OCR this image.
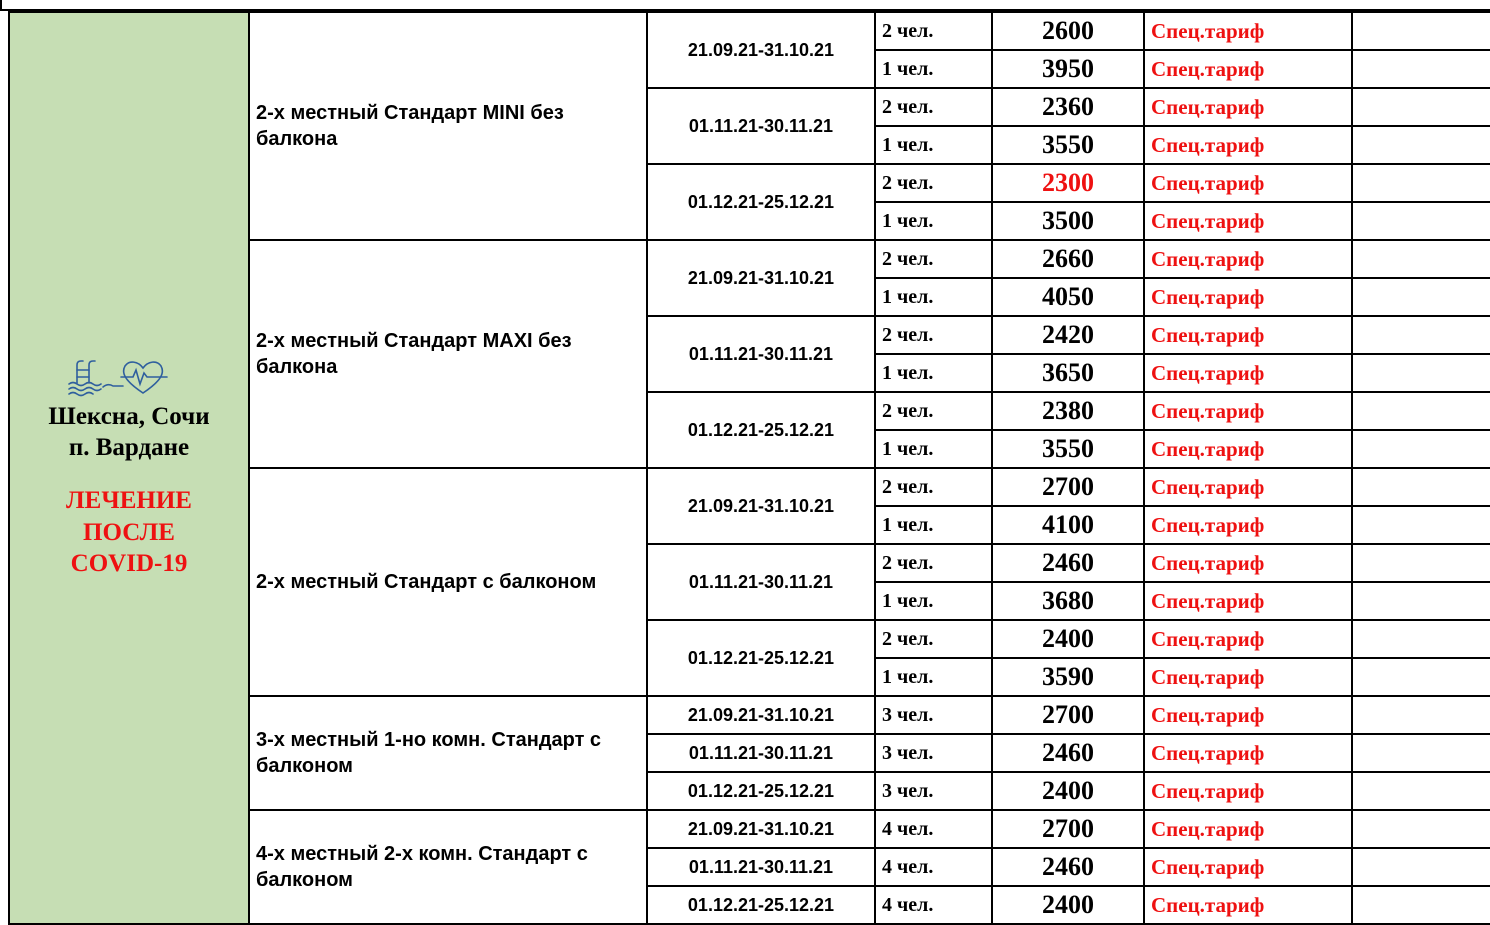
Шексна, Сочи
п. Вардане
ЛЕЧЕНИЕ
ПОСЛЕ
COVID-19	2-х местный Стандарт MINI без балкона	21.09.21-31.10.21	2 чел.	2600	Спец.тариф	
			1 чел.	3950	Спец.тариф	
		01.11.21-30.11.21	2 чел.	2360	Спец.тариф	
			1 чел.	3550	Спец.тариф	
		01.12.21-25.12.21	2 чел.	2300	Спец.тариф	
			1 чел.	3500	Спец.тариф	
	2-х местный Стандарт MAXI без балкона	21.09.21-31.10.21	2 чел.	2660	Спец.тариф	
			1 чел.	4050	Спец.тариф	
		01.11.21-30.11.21	2 чел.	2420	Спец.тариф	
			1 чел.	3650	Спец.тариф	
		01.12.21-25.12.21	2 чел.	2380	Спец.тариф	
			1 чел.	3550	Спец.тариф	
	2-х местный Стандарт с балконом	21.09.21-31.10.21	2 чел.	2700	Спец.тариф	
			1 чел.	4100	Спец.тариф	
		01.11.21-30.11.21	2 чел.	2460	Спец.тариф	
			1 чел.	3680	Спец.тариф	
		01.12.21-25.12.21	2 чел.	2400	Спец.тариф	
			1 чел.	3590	Спец.тариф	
	3-х местный 1-но комн. Стандарт с балконом	21.09.21-31.10.21	3 чел.	2700	Спец.тариф	
		01.11.21-30.11.21	3 чел.	2460	Спец.тариф	
		01.12.21-25.12.21	3 чел.	2400	Спец.тариф	
	4-х местный 2-х комн. Стандарт с балконом	21.09.21-31.10.21	4 чел.	2700	Спец.тариф	
		01.11.21-30.11.21	4 чел.	2460	Спец.тариф	
		01.12.21-25.12.21	4 чел.	2400	Спец.тариф	
